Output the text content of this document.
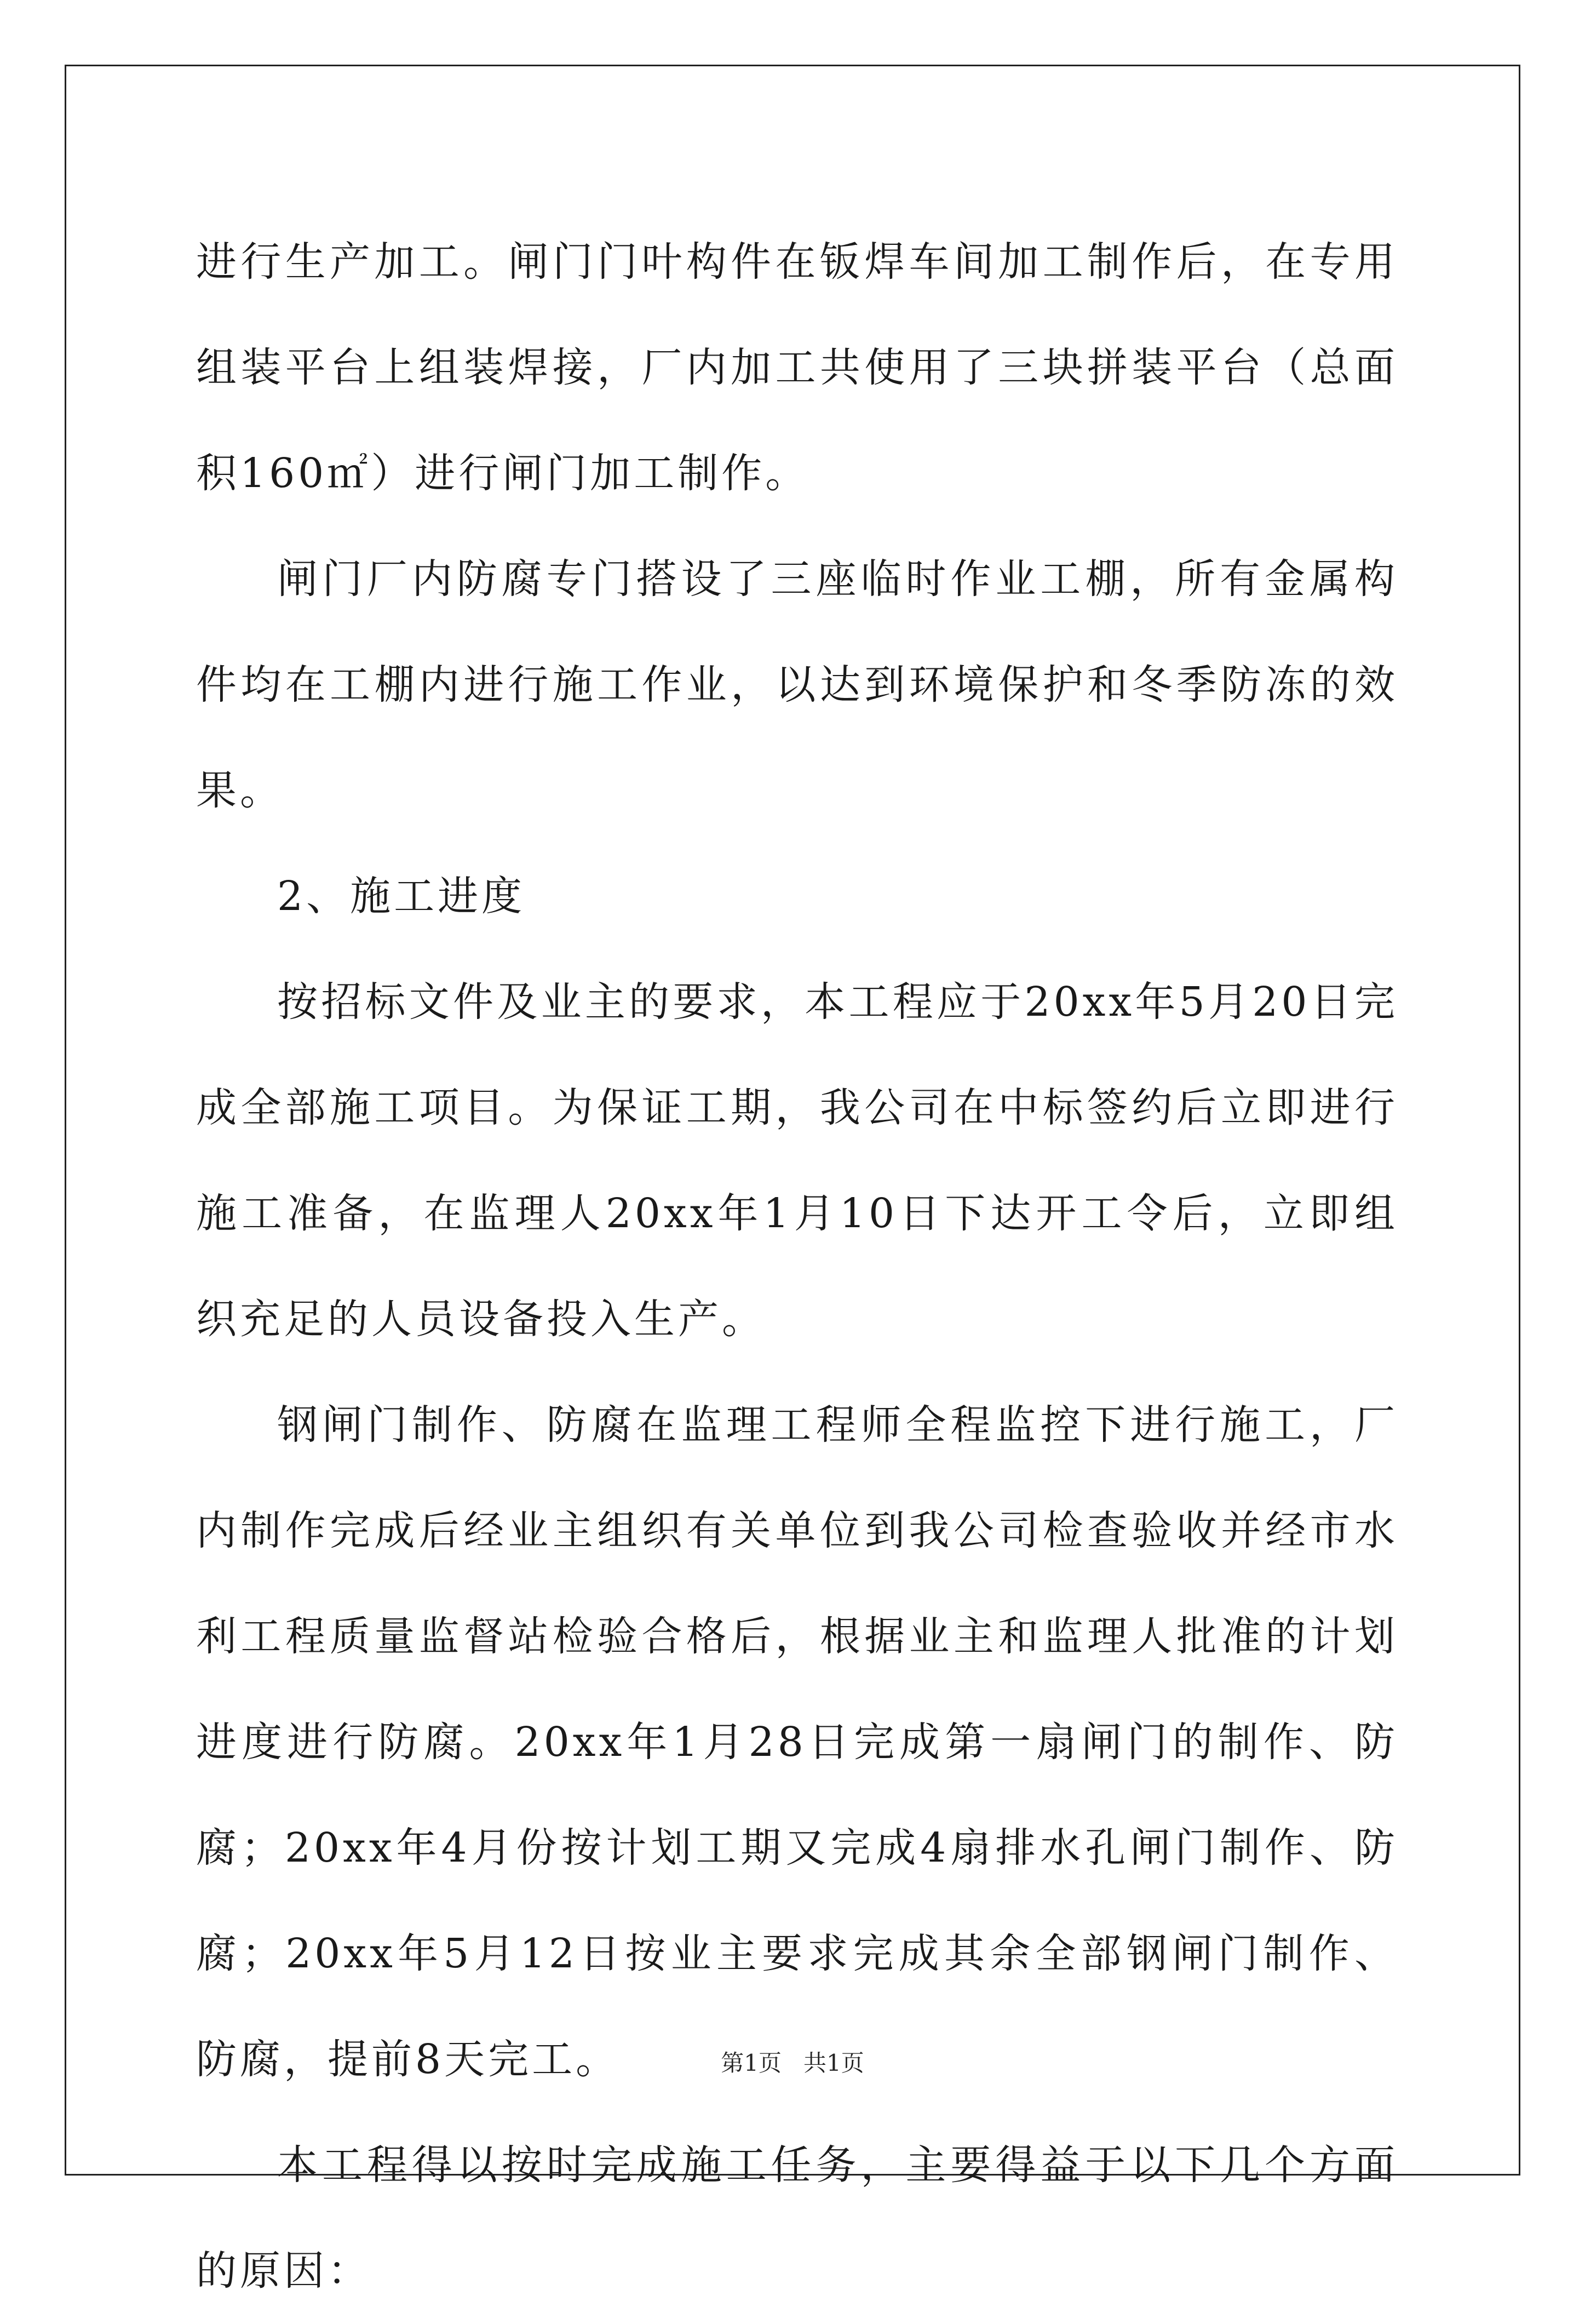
进行生产加工。闸门门叶构件在钣焊车间加工制作后，在专用组装平台上组装焊接，厂内加工共使用了三块拼装平台（总面积160㎡）进行闸门加工制作。

闸门厂内防腐专门搭设了三座临时作业工棚，所有金属构件均在工棚内进行施工作业，以达到环境保护和冬季防冻的效果。

2、施工进度

按招标文件及业主的要求，本工程应于20xx年5月20日完成全部施工项目。为保证工期，我公司在中标签约后立即进行施工准备，在监理人20xx年1月10日下达开工令后，立即组织充足的人员设备投入生产。

钢闸门制作、防腐在监理工程师全程监控下进行施工，厂内制作完成后经业主组织有关单位到我公司检查验收并经市水利工程质量监督站检验合格后，根据业主和监理人批准的计划进度进行防腐。20xx年1月28日完成第一扇闸门的制作、防腐；20xx年4月份按计划工期又完成4扇排水孔闸门制作、防腐；20xx年5月12日按业主要求完成其余全部钢闸门制作、防腐，提前8天完工。

本工程得以按时完成施工任务，主要得益于以下几个方面的原因：

第1页 共1页
